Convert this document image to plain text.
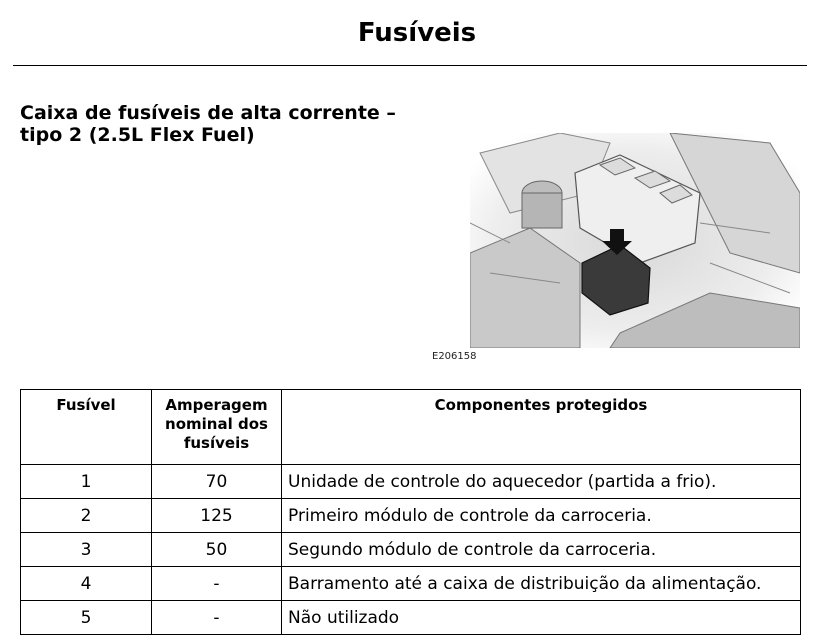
Fusíveis
Caixa de fusíveis de alta corrente – tipo 2 (2.5L Flex Fuel)
E206158
Fusível	Amperagem nominal dos fusíveis	Componentes protegidos
1	70	Unidade de controle do aquecedor (partida a frio).
2	125	Primeiro módulo de controle da carroceria.
3	50	Segundo módulo de controle da carroceria.
4	-	Barramento até a caixa de distribuição da alimentação.
5	-	Não utilizado
